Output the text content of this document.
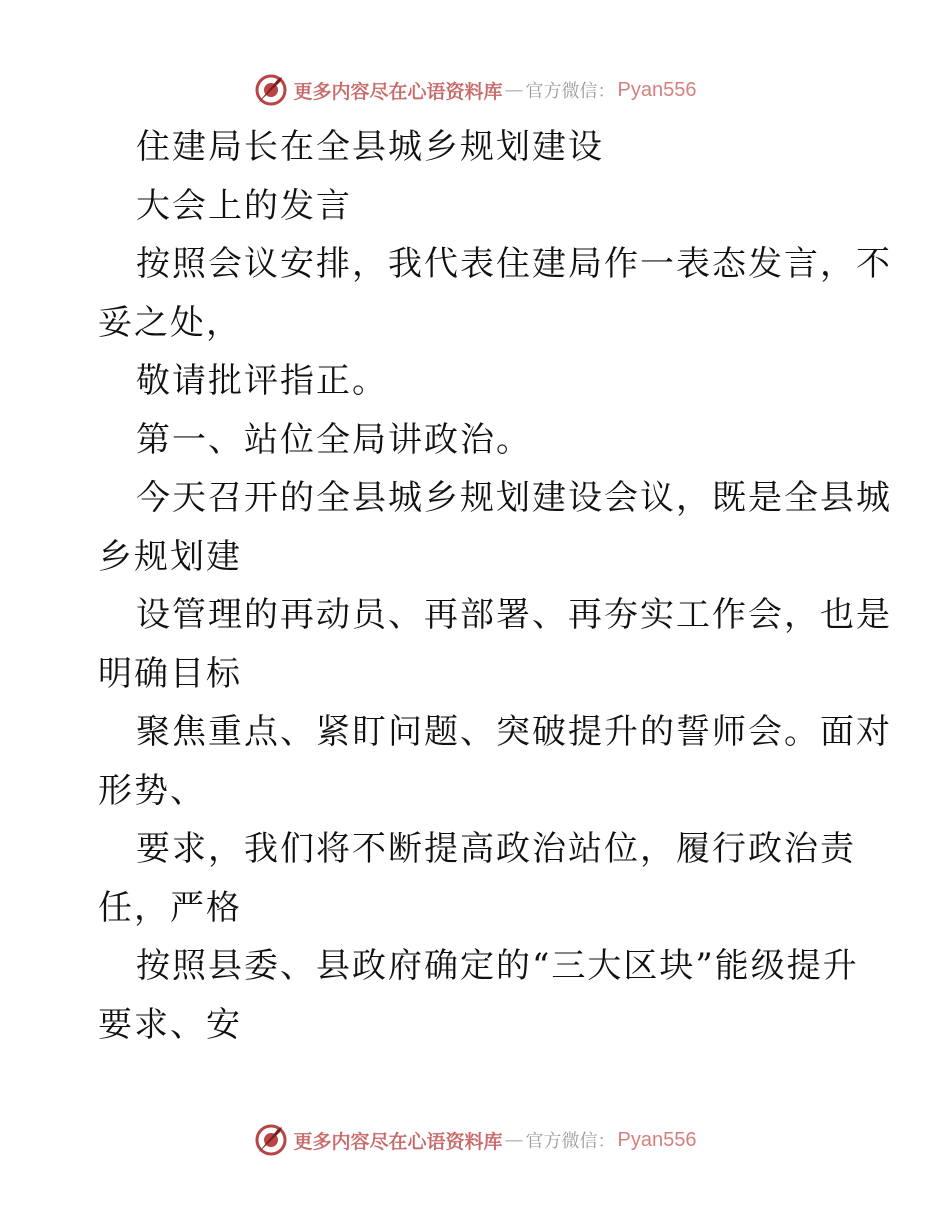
更多内容尽在心语资料库 — 官方微信： Pyan556
住建局长在全县城乡规划建设
大会上的发言
按照会议安排，我代表住建局作一表态发言，不
妥之处，
敬请批评指正。
第一、站位全局讲政治。
今天召开的全县城乡规划建设会议，既是全县城
乡规划建
设管理的再动员、再部署、再夯实工作会，也是
明确目标
聚焦重点、紧盯问题、突破提升的誓师会。面对
形势、
要求，我们将不断提高政治站位，履行政治责
任，严格
按照县委、县政府确定的“三大区块”能级提升
要求、安
更多内容尽在心语资料库 — 官方微信： Pyan556
